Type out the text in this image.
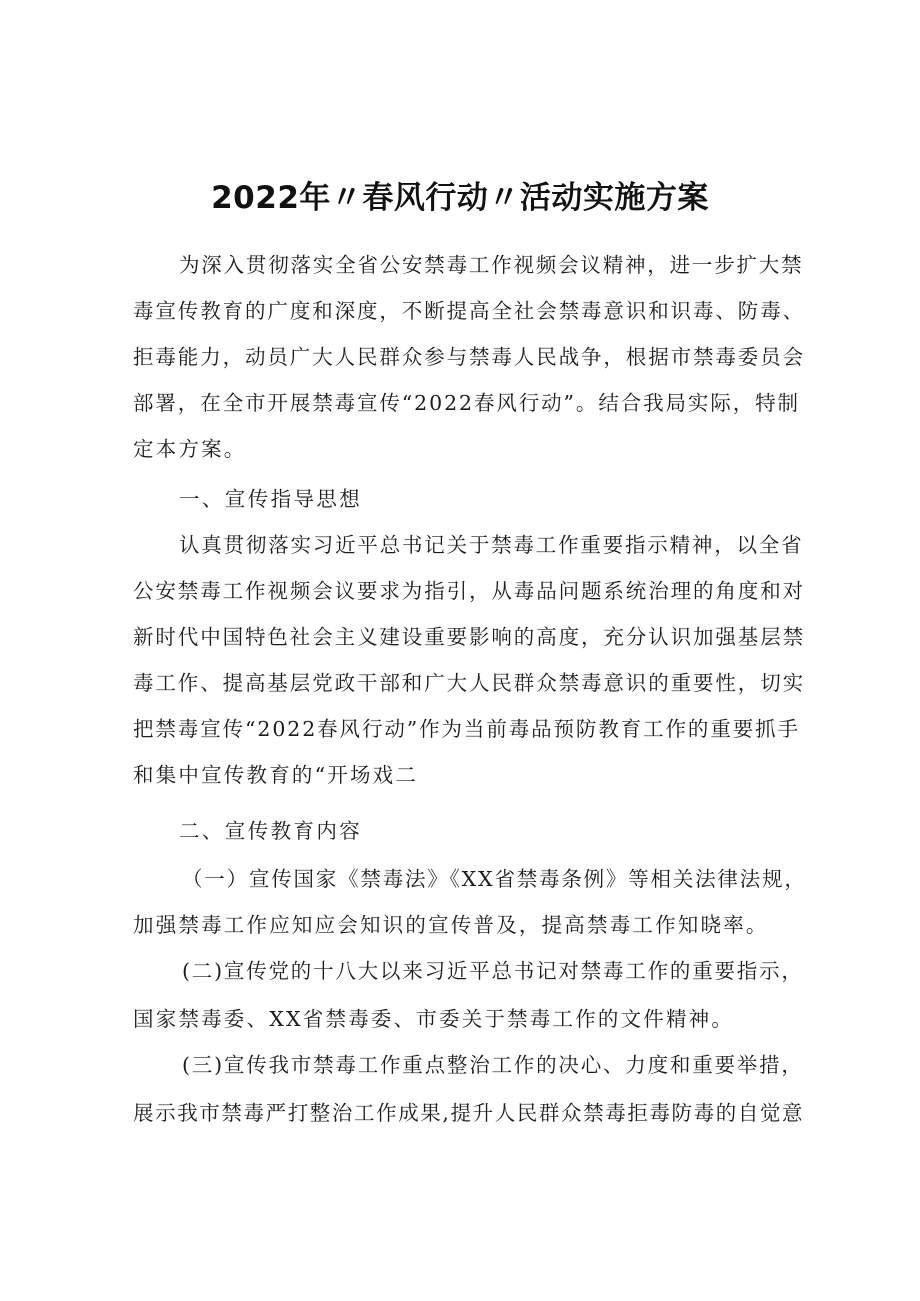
2022年〃春风行动〃活动实施方案
为深入贯彻落实全省公安禁毒工作视频会议精神，进一步扩大禁
毒宣传教育的广度和深度，不断提高全社会禁毒意识和识毒、防毒、
拒毒能力，动员广大人民群众参与禁毒人民战争，根据市禁毒委员会
部署，在全市开展禁毒宣传“2022春风行动”。结合我局实际，特制
定本方案。
一、宣传指导思想
认真贯彻落实习近平总书记关于禁毒工作重要指示精神，以全省
公安禁毒工作视频会议要求为指引，从毒品问题系统治理的角度和对
新时代中国特色社会主义建设重要影响的高度，充分认识加强基层禁
毒工作、提高基层党政干部和广大人民群众禁毒意识的重要性，切实
把禁毒宣传“2022春风行动”作为当前毒品预防教育工作的重要抓手
和集中宣传教育的“开场戏二
二、宣传教育内容
（一）宣传国家《禁毒法》《XX省禁毒条例》等相关法律法规，
加强禁毒工作应知应会知识的宣传普及，提高禁毒工作知晓率。
(二)宣传党的十八大以来习近平总书记对禁毒工作的重要指示，
国家禁毒委、XX省禁毒委、市委关于禁毒工作的文件精神。
(三)宣传我市禁毒工作重点整治工作的决心、力度和重要举措，
展示我市禁毒严打整治工作成果,提升人民群众禁毒拒毒防毒的自觉意
